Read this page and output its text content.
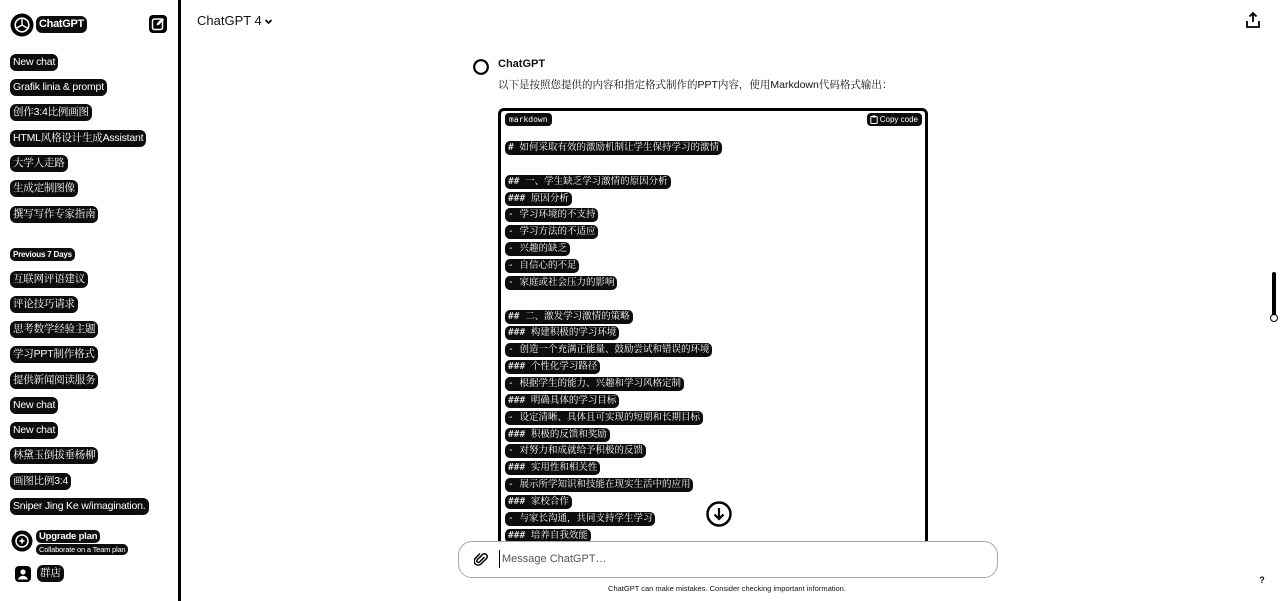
ChatGPT
New chat
Grafik linia & prompt
创作3:4比例画图
HTML风格设计生成Assistant
大学人走路
生成定制图像
撰写写作专家指南
Previous 7 Days
互联网评语建议
评论技巧请求
思考数学经验主题
学习PPT制作格式
提供新闻阅读服务
New chat
New chat
林黛玉倒拔垂杨柳
画图比例3:4
Sniper Jing Ke w/imagination.
Upgrade plan
Collaborate on a Team plan
群店
ChatGPT 4
ChatGPT
以下是按照您提供的内容和指定格式制作的PPT内容，使用Markdown代码格式输出：
markdown	Copy code
# 如何采取有效的激励机制让学生保持学习的激情
## 一、学生缺乏学习激情的原因分析
### 原因分析
- 学习环境的不支持
- 学习方法的不适应
- 兴趣的缺乏
- 自信心的不足
- 家庭或社会压力的影响
## 二、激发学习激情的策略
### 构建积极的学习环境
- 创造一个充满正能量、鼓励尝试和错误的环境
### 个性化学习路径
- 根据学生的能力、兴趣和学习风格定制
### 明确具体的学习目标
- 设定清晰、具体且可实现的短期和长期目标
### 积极的反馈和奖励
- 对努力和成就给予积极的反馈
### 实用性和相关性
- 展示所学知识和技能在现实生活中的应用
### 家校合作
- 与家长沟通，共同支持学生学习
### 培养自我效能
Message ChatGPT…
ChatGPT can make mistakes. Consider checking important information.
?
